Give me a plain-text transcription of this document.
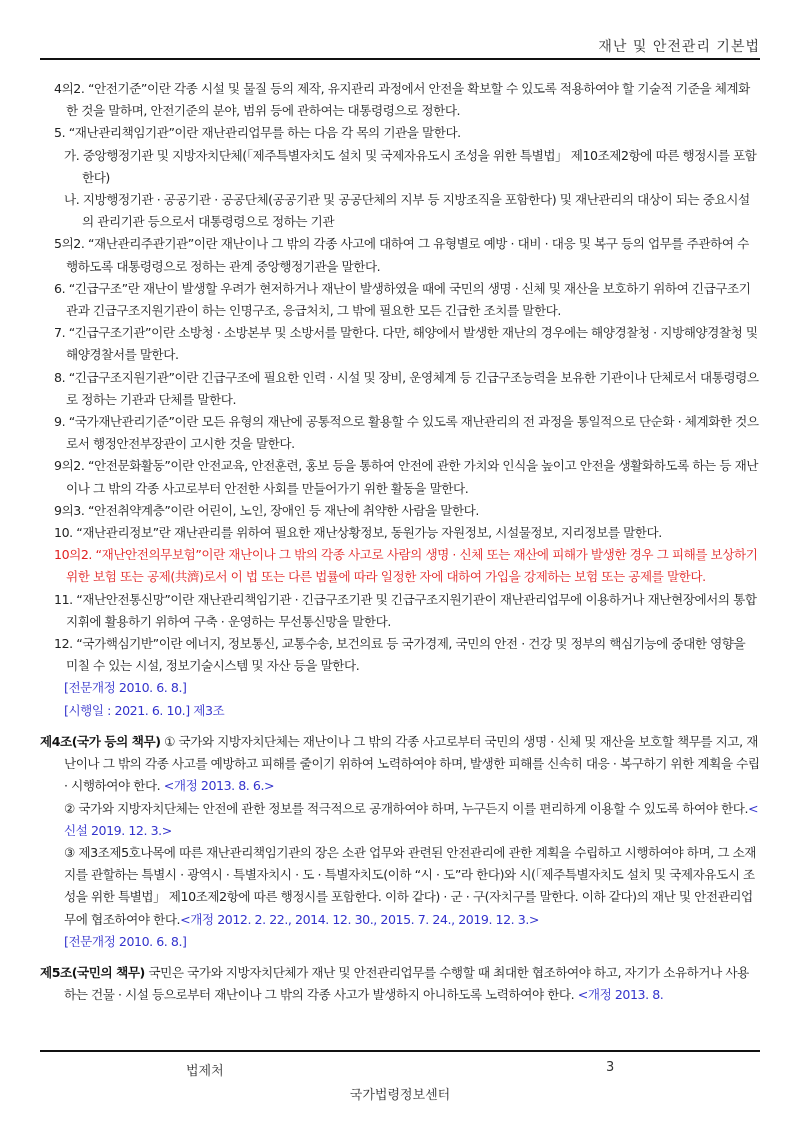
재난 및 안전관리 기본법
4의2. “안전기준”이란 각종 시설 및 물질 등의 제작, 유지관리 과정에서 안전을 확보할 수 있도록 적용하여야 할 기술적 기준을 체계화한 것을 말하며, 안전기준의 분야, 범위 등에 관하여는 대통령령으로 정한다.
5. “재난관리책임기관”이란 재난관리업무를 하는 다음 각 목의 기관을 말한다.
가. 중앙행정기관 및 지방자치단체(「제주특별자치도 설치 및 국제자유도시 조성을 위한 특별법」 제10조제2항에 따른 행정시를 포함한다)
나. 지방행정기관 · 공공기관 · 공공단체(공공기관 및 공공단체의 지부 등 지방조직을 포함한다) 및 재난관리의 대상이 되는 중요시설의 관리기관 등으로서 대통령령으로 정하는 기관
5의2. “재난관리주관기관”이란 재난이나 그 밖의 각종 사고에 대하여 그 유형별로 예방 · 대비 · 대응 및 복구 등의 업무를 주관하여 수행하도록 대통령령으로 정하는 관계 중앙행정기관을 말한다.
6. “긴급구조”란 재난이 발생할 우려가 현저하거나 재난이 발생하였을 때에 국민의 생명 · 신체 및 재산을 보호하기 위하여 긴급구조기관과 긴급구조지원기관이 하는 인명구조, 응급처치, 그 밖에 필요한 모든 긴급한 조치를 말한다.
7. “긴급구조기관”이란 소방청 · 소방본부 및 소방서를 말한다. 다만, 해양에서 발생한 재난의 경우에는 해양경찰청 · 지방해양경찰청 및 해양경찰서를 말한다.
8. “긴급구조지원기관”이란 긴급구조에 필요한 인력 · 시설 및 장비, 운영체계 등 긴급구조능력을 보유한 기관이나 단체로서 대통령령으로 정하는 기관과 단체를 말한다.
9. “국가재난관리기준”이란 모든 유형의 재난에 공통적으로 활용할 수 있도록 재난관리의 전 과정을 통일적으로 단순화 · 체계화한 것으로서 행정안전부장관이 고시한 것을 말한다.
9의2. “안전문화활동”이란 안전교육, 안전훈련, 홍보 등을 통하여 안전에 관한 가치와 인식을 높이고 안전을 생활화하도록 하는 등 재난이나 그 밖의 각종 사고로부터 안전한 사회를 만들어가기 위한 활동을 말한다.
9의3. “안전취약계층”이란 어린이, 노인, 장애인 등 재난에 취약한 사람을 말한다.
10. “재난관리정보”란 재난관리를 위하여 필요한 재난상황정보, 동원가능 자원정보, 시설물정보, 지리정보를 말한다.
10의2. “재난안전의무보험”이란 재난이나 그 밖의 각종 사고로 사람의 생명 · 신체 또는 재산에 피해가 발생한 경우 그 피해를 보상하기 위한 보험 또는 공제(共濟)로서 이 법 또는 다른 법률에 따라 일정한 자에 대하여 가입을 강제하는 보험 또는 공제를 말한다.
11. “재난안전통신망”이란 재난관리책임기관 · 긴급구조기관 및 긴급구조지원기관이 재난관리업무에 이용하거나 재난현장에서의 통합지휘에 활용하기 위하여 구축 · 운영하는 무선통신망을 말한다.
12. “국가핵심기반”이란 에너지, 정보통신, 교통수송, 보건의료 등 국가경제, 국민의 안전 · 건강 및 정부의 핵심기능에 중대한 영향을 미칠 수 있는 시설, 정보기술시스템 및 자산 등을 말한다.
[전문개정 2010. 6. 8.]
[시행일 : 2021. 6. 10.] 제3조
제4조(국가 등의 책무) ① 국가와 지방자치단체는 재난이나 그 밖의 각종 사고로부터 국민의 생명 · 신체 및 재산을 보호할 책무를 지고, 재난이나 그 밖의 각종 사고를 예방하고 피해를 줄이기 위하여 노력하여야 하며, 발생한 피해를 신속히 대응 · 복구하기 위한 계획을 수립 · 시행하여야 한다. <개정 2013. 8. 6.>
② 국가와 지방자치단체는 안전에 관한 정보를 적극적으로 공개하여야 하며, 누구든지 이를 편리하게 이용할 수 있도록 하여야 한다.<신설 2019. 12. 3.>
③ 제3조제5호나목에 따른 재난관리책임기관의 장은 소관 업무와 관련된 안전관리에 관한 계획을 수립하고 시행하여야 하며, 그 소재지를 관할하는 특별시 · 광역시 · 특별자치시 · 도 · 특별자치도(이하 “시 · 도”라 한다)와 시(「제주특별자치도 설치 및 국제자유도시 조성을 위한 특별법」 제10조제2항에 따른 행정시를 포함한다. 이하 같다) · 군 · 구(자치구를 말한다. 이하 같다)의 재난 및 안전관리업무에 협조하여야 한다.<개정 2012. 2. 22., 2014. 12. 30., 2015. 7. 24., 2019. 12. 3.>
[전문개정 2010. 6. 8.]
제5조(국민의 책무) 국민은 국가와 지방자치단체가 재난 및 안전관리업무를 수행할 때 최대한 협조하여야 하고, 자기가 소유하거나 사용하는 건물 · 시설 등으로부터 재난이나 그 밖의 각종 사고가 발생하지 아니하도록 노력하여야 한다. <개정 2013. 8.
법제처	3
국가법령정보센터
